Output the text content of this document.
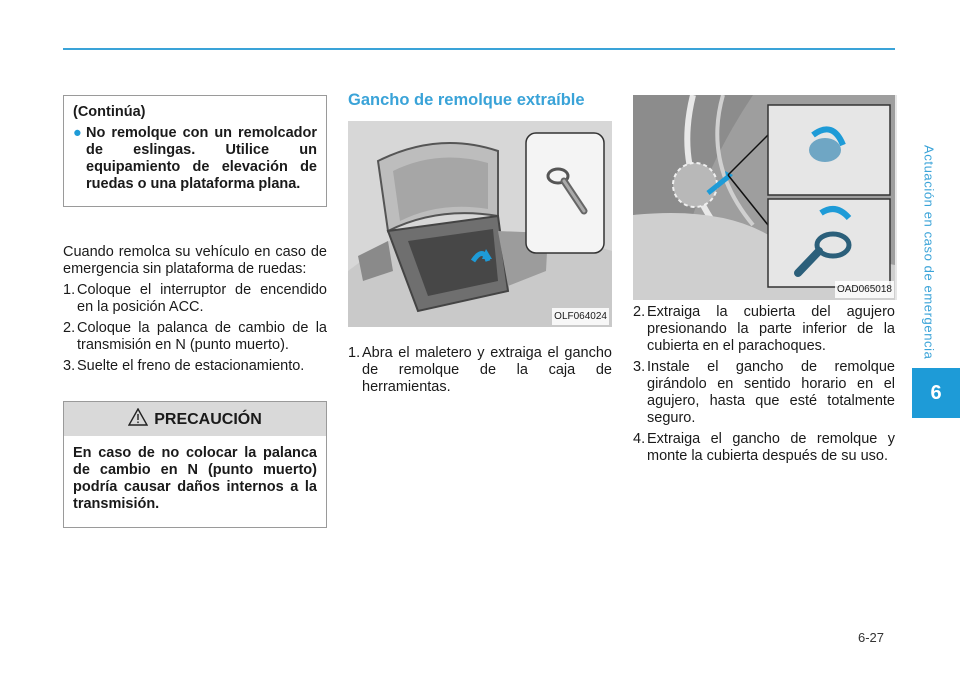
Actuación en caso de emergencia
6
6-27
(Continúa)
● No remolque con un remolcador de eslingas. Utilice un equipamiento de elevación de ruedas o una plataforma plana.
Cuando remolca su vehículo en caso de emergencia sin plataforma de ruedas:
1. Coloque el interruptor de encendido en la posición ACC.
2. Coloque la palanca de cambio de la transmisión en N (punto muerto).
3. Suelte el freno de estacionamiento.
PRECAUCIÓN
En caso de no colocar la palanca de cambio en N (punto muerto) podría causar daños internos a la transmisión.
Gancho de remolque extraíble
OLF064024
1. Abra el maletero y extraiga el gancho de remolque de la caja de herramientas.
OAD065018
2. Extraiga la cubierta del agujero presionando la parte inferior de la cubierta en el parachoques.
3. Instale el gancho de remolque girándolo en sentido horario en el agujero, hasta que esté totalmente seguro.
4. Extraiga el gancho de remolque y monte la cubierta después de su uso.
